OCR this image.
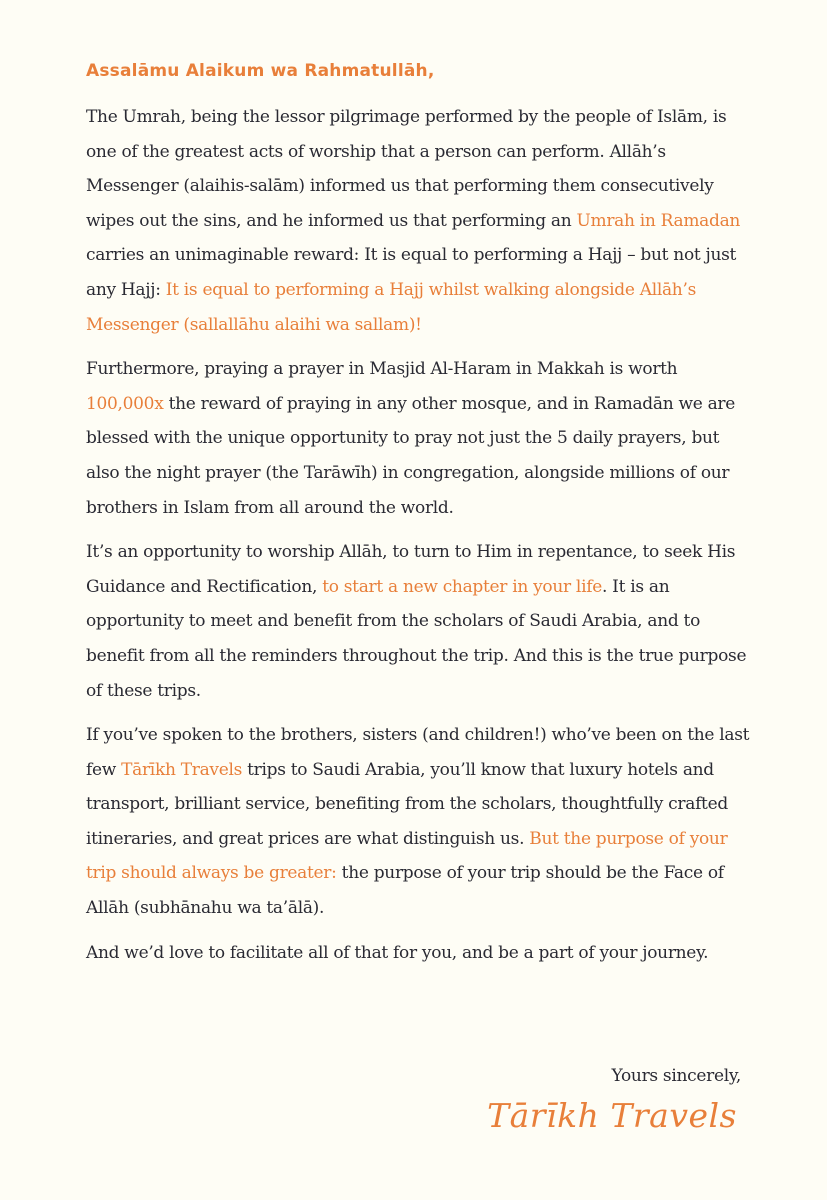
Assalāmu Alaikum wa Rahmatullāh,

The Umrah, being the lessor pilgrimage performed by the people of Islām, is one of the greatest acts of worship that a person can perform. Allāh’s Messenger (alaihis-salām) informed us that performing them consecutively wipes out the sins, and he informed us that performing an Umrah in Ramadan carries an unimaginable reward: It is equal to performing a Hajj – but not just any Hajj: It is equal to performing a Hajj whilst walking alongside Allāh’s Messenger (sallallāhu alaihi wa sallam)!

Furthermore, praying a prayer in Masjid Al-Haram in Makkah is worth 100,000x the reward of praying in any other mosque, and in Ramadān we are blessed with the unique opportunity to pray not just the 5 daily prayers, but also the night prayer (the Tarāwīh) in congregation, alongside millions of our brothers in Islam from all around the world.

It’s an opportunity to worship Allāh, to turn to Him in repentance, to seek His Guidance and Rectification, to start a new chapter in your life. It is an opportunity to meet and benefit from the scholars of Saudi Arabia, and to benefit from all the reminders throughout the trip. And this is the true purpose of these trips.

If you’ve spoken to the brothers, sisters (and children!) who’ve been on the last few Tārīkh Travels trips to Saudi Arabia, you’ll know that luxury hotels and transport, brilliant service, benefiting from the scholars, thoughtfully crafted itineraries, and great prices are what distinguish us. But the purpose of your trip should always be greater: the purpose of your trip should be the Face of Allāh (subhānahu wa ta’ālā).

And we’d love to facilitate all of that for you, and be a part of your journey.

Yours sincerely,
Tārīkh Travels
